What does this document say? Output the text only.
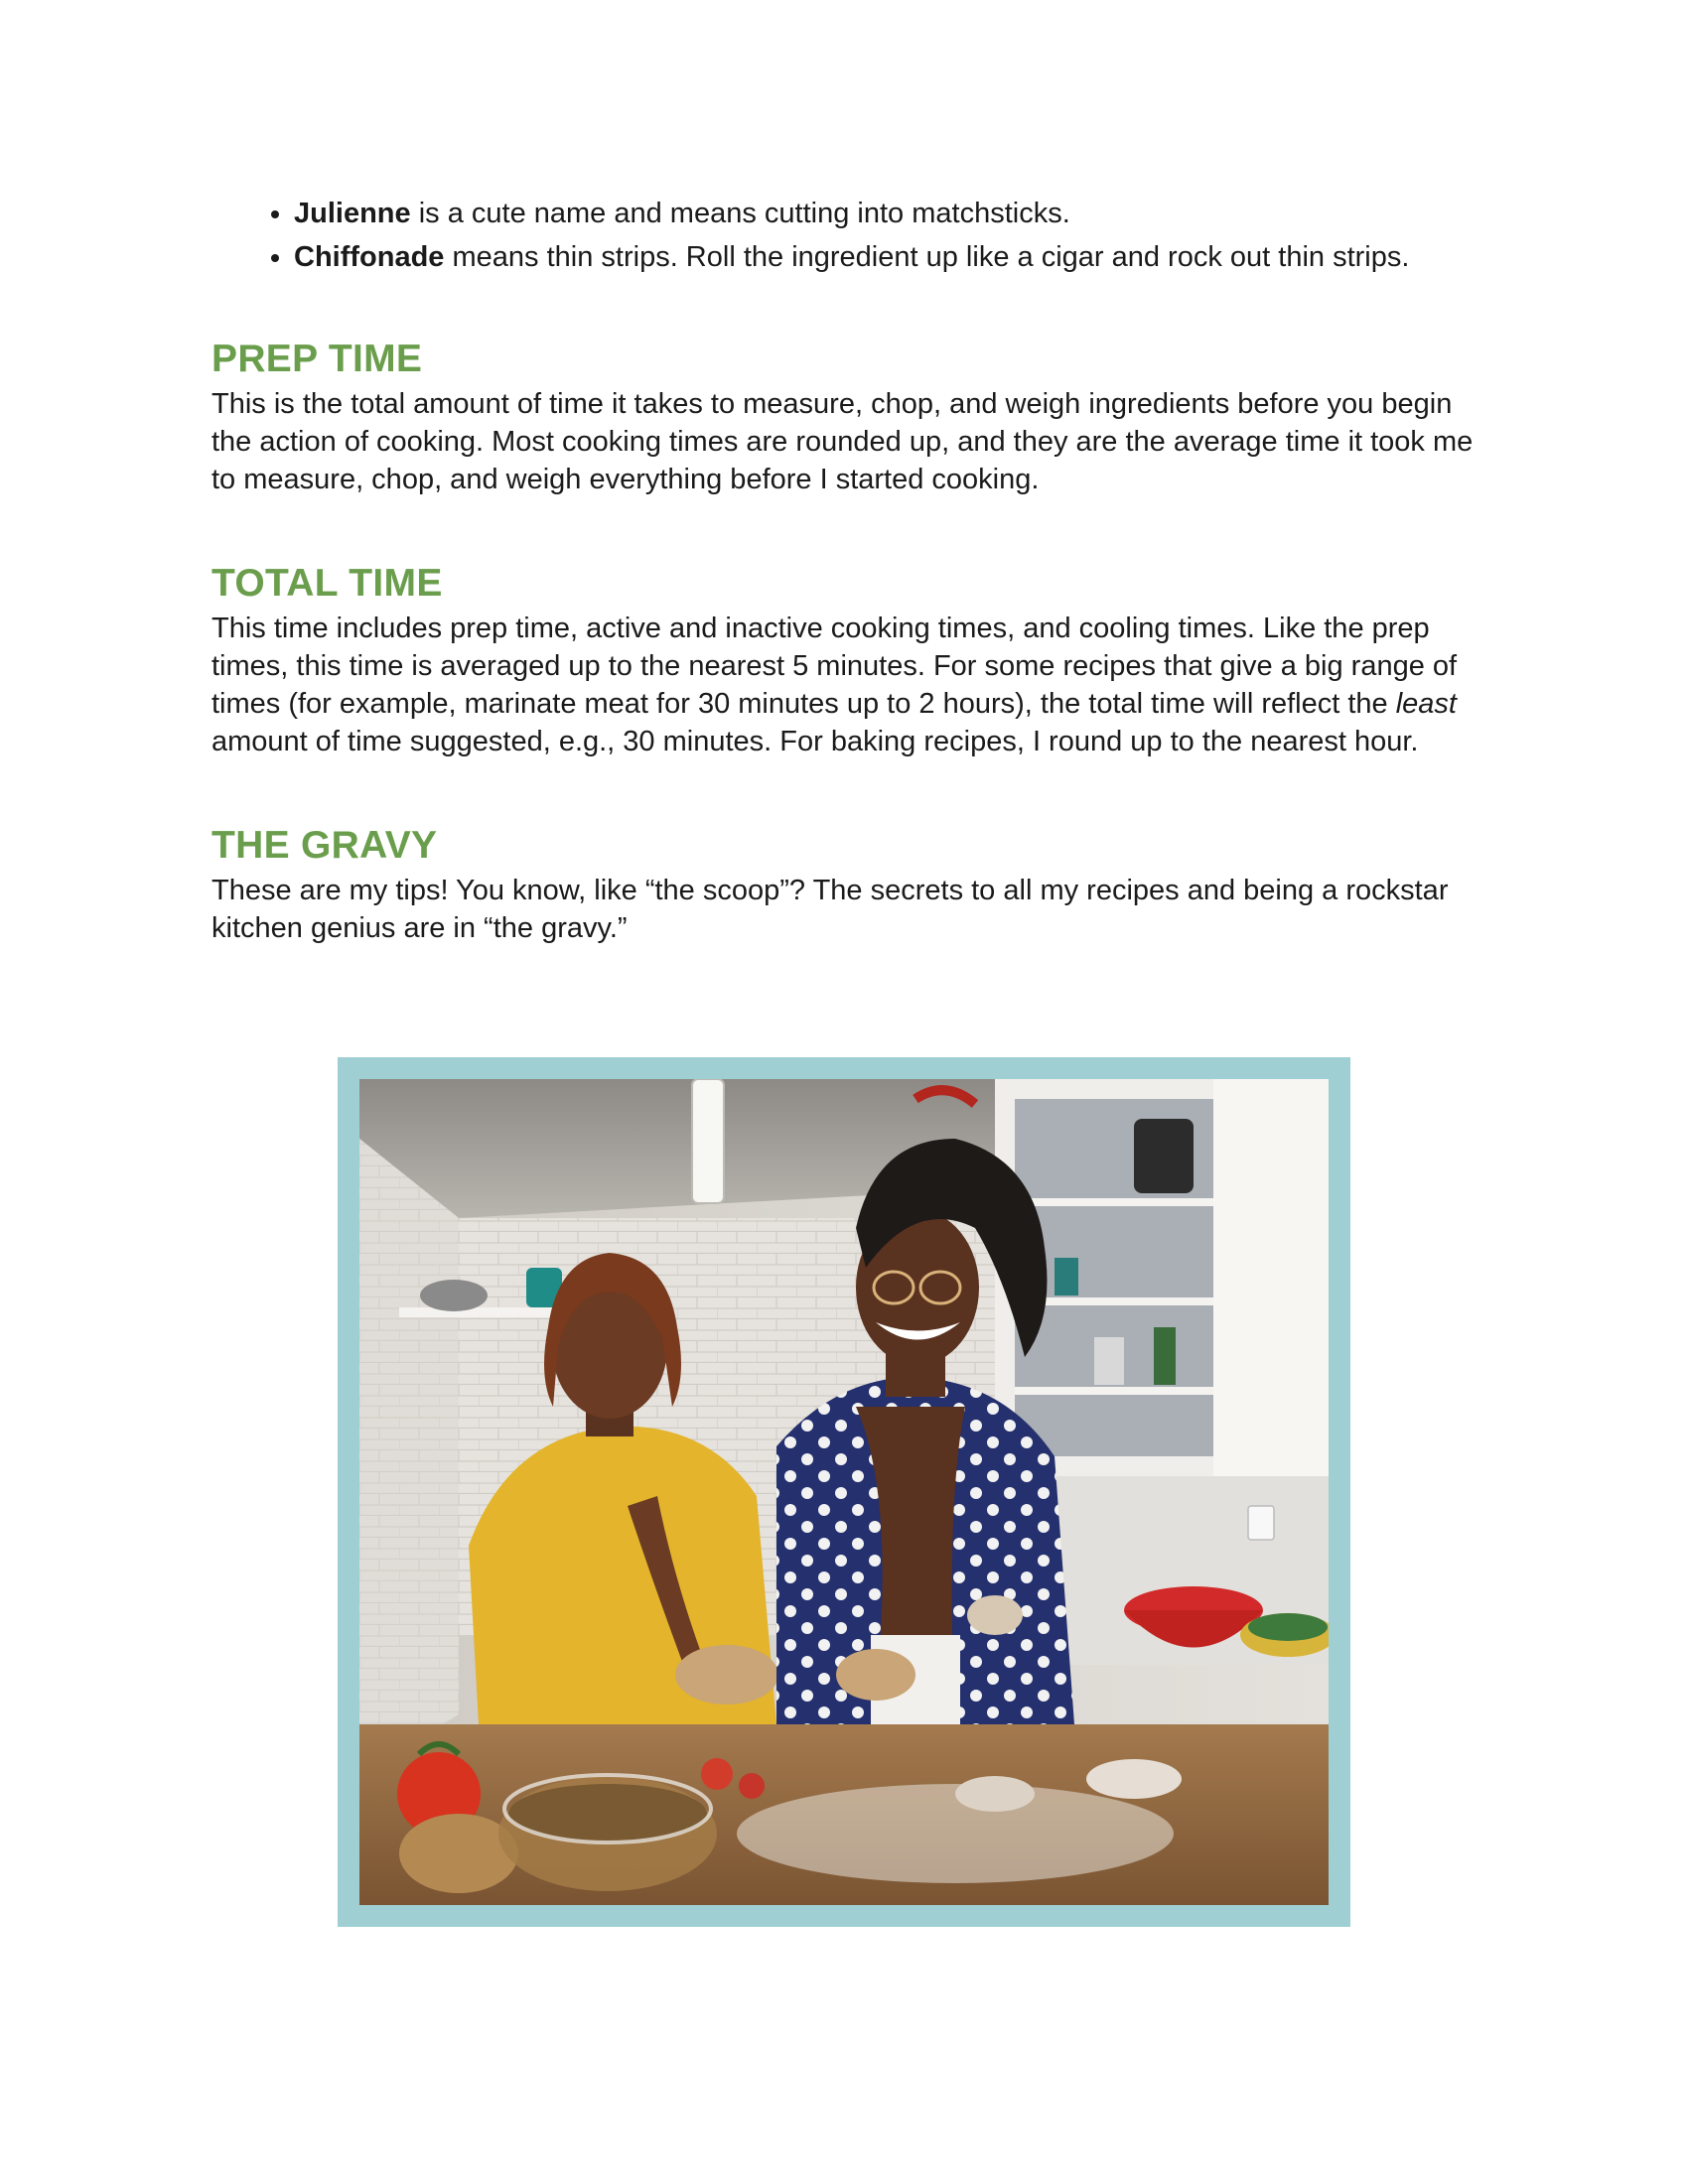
• Julienne is a cute name and means cutting into matchsticks.
• Chiffonade means thin strips. Roll the ingredient up like a cigar and rock out thin strips.
PREP TIME

This is the total amount of time it takes to measure, chop, and weigh ingredients before you begin the action of cooking. Most cooking times are rounded up, and they are the average time it took me to measure, chop, and weigh everything before I started cooking.

TOTAL TIME

This time includes prep time, active and inactive cooking times, and cooling times. Like the prep times, this time is averaged up to the nearest 5 minutes. For some recipes that give a big range of times (for example, marinate meat for 30 minutes up to 2 hours), the total time will reflect the least amount of time suggested, e.g., 30 minutes. For baking recipes, I round up to the nearest hour.

THE GRAVY

These are my tips! You know, like “the scoop”? The secrets to all my recipes and being a rockstar kitchen genius are in “the gravy.”
